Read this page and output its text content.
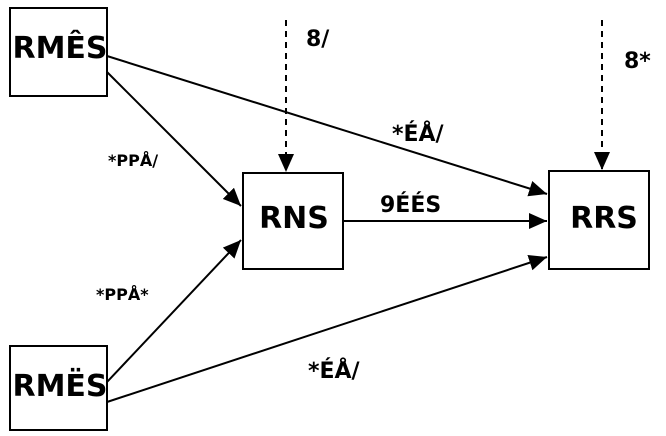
RMÊS
RMËS
RNS	RRS
*PPÅ/
*PPÅ*
9ÉÉS
*ÉÅ/
*ÉÅ/
8/
8*
